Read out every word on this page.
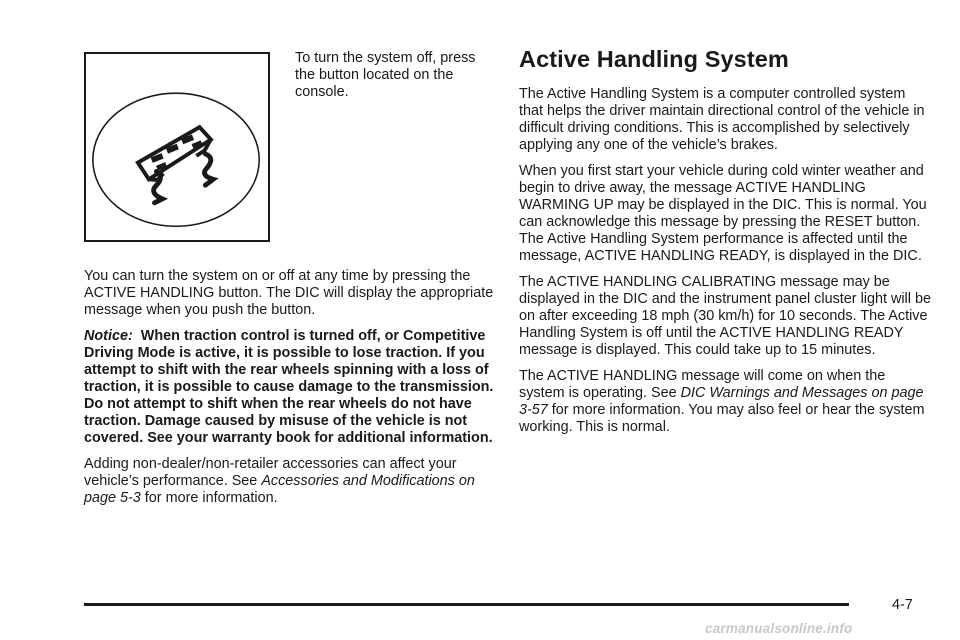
To turn the system off, press the button located on the console.

You can turn the system on or off at any time by pressing the ACTIVE HANDLING button. The DIC will display the appropriate message when you push the button.

Notice: When traction control is turned off, or Competitive Driving Mode is active, it is possible to lose traction. If you attempt to shift with the rear wheels spinning with a loss of traction, it is possible to cause damage to the transmission. Do not attempt to shift when the rear wheels do not have traction. Damage caused by misuse of the vehicle is not covered. See your warranty book for additional information.

Adding non-dealer/non-retailer accessories can affect your vehicle’s performance. See Accessories and Modifications on page 5-3 for more information.

Active Handling System

The Active Handling System is a computer controlled system that helps the driver maintain directional control of the vehicle in difficult driving conditions. This is accomplished by selectively applying any one of the vehicle’s brakes.

When you first start your vehicle during cold winter weather and begin to drive away, the message ACTIVE HANDLING WARMING UP may be displayed in the DIC. This is normal. You can acknowledge this message by pressing the RESET button. The Active Handling System performance is affected until the message, ACTIVE HANDLING READY, is displayed in the DIC.

The ACTIVE HANDLING CALIBRATING message may be displayed in the DIC and the instrument panel cluster light will be on after exceeding 18 mph (30 km/h) for 10 seconds. The Active Handling System is off until the ACTIVE HANDLING READY message is displayed. This could take up to 15 minutes.

The ACTIVE HANDLING message will come on when the system is operating. See DIC Warnings and Messages on page 3-57 for more information. You may also feel or hear the system working. This is normal.

4-7
carmanualsonline.info
